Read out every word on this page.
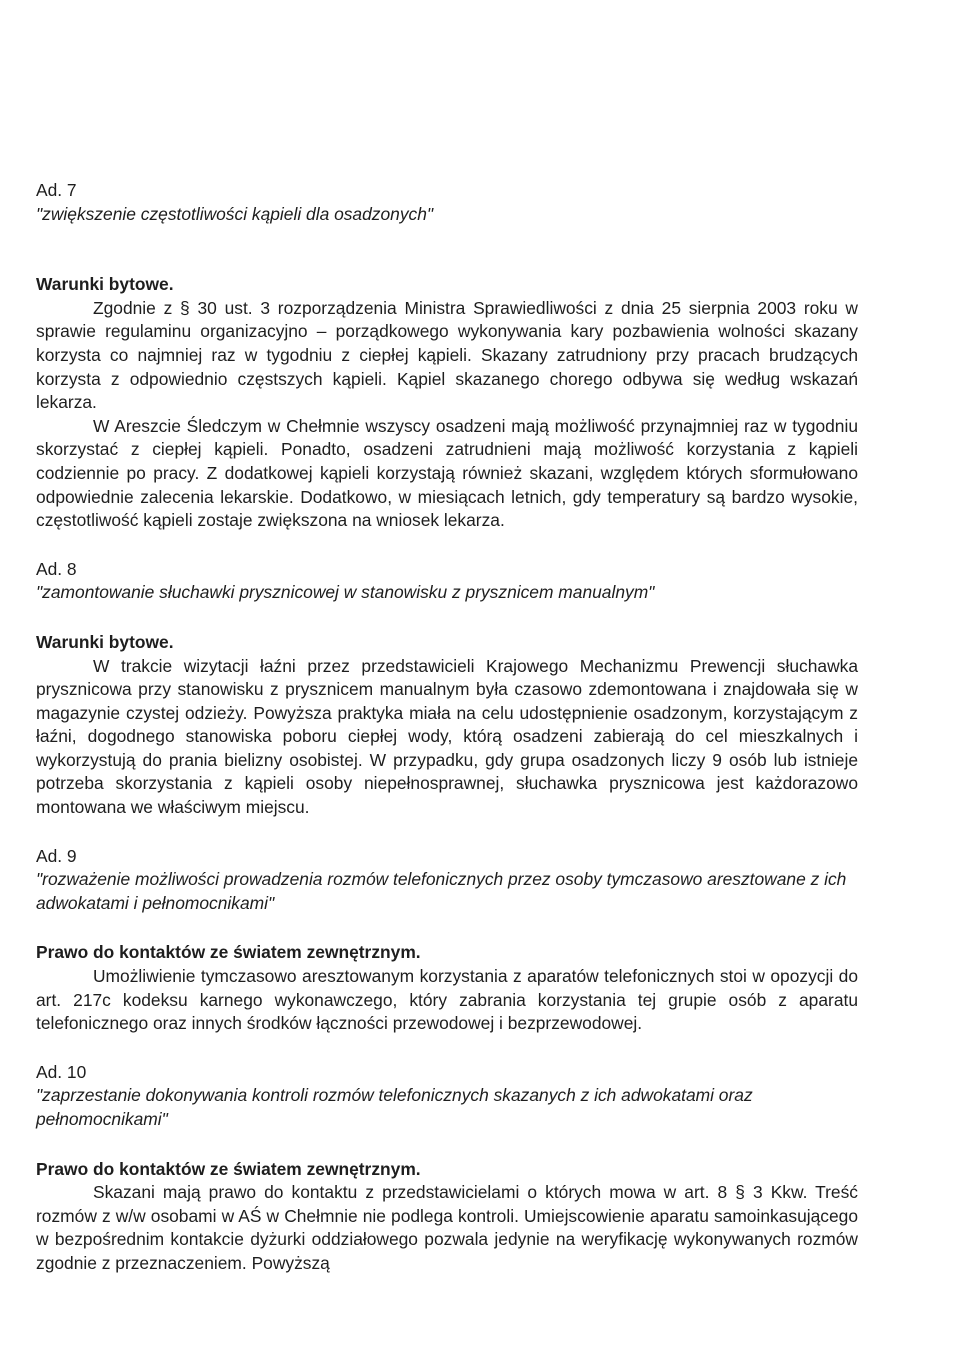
Ad. 7

"zwiększenie częstotliwości kąpieli dla osadzonych"

Warunki bytowe.

Zgodnie z § 30 ust. 3 rozporządzenia Ministra Sprawiedliwości z dnia 25 sierpnia 2003 roku w sprawie regulaminu organizacyjno – porządkowego wykonywania kary pozbawienia wolności skazany korzysta co najmniej raz w tygodniu z ciepłej kąpieli. Skazany zatrudniony przy pracach brudzących korzysta z odpowiednio częstszych kąpieli. Kąpiel skazanego chorego odbywa się według wskazań lekarza.

W Areszcie Śledczym w Chełmnie wszyscy osadzeni mają możliwość przynajmniej raz w tygodniu skorzystać z ciepłej kąpieli. Ponadto, osadzeni zatrudnieni mają możliwość korzystania z kąpieli codziennie po pracy. Z dodatkowej kąpieli korzystają również skazani, względem których sformułowano odpowiednie zalecenia lekarskie. Dodatkowo, w miesiącach letnich, gdy temperatury są bardzo wysokie, częstotliwość kąpieli zostaje zwiększona na wniosek lekarza.

Ad. 8

"zamontowanie słuchawki prysznicowej w stanowisku z prysznicem manualnym"

Warunki bytowe.

W trakcie wizytacji łaźni przez przedstawicieli Krajowego Mechanizmu Prewencji słuchawka prysznicowa przy stanowisku z prysznicem manualnym była czasowo zdemontowana i znajdowała się w magazynie czystej odzieży. Powyższa praktyka miała na celu udostępnienie osadzonym, korzystającym z łaźni, dogodnego stanowiska poboru ciepłej wody, którą osadzeni zabierają do cel mieszkalnych i wykorzystują do prania bielizny osobistej. W przypadku, gdy grupa osadzonych liczy 9 osób lub istnieje potrzeba skorzystania z kąpieli osoby niepełnosprawnej, słuchawka prysznicowa jest każdorazowo montowana we właściwym miejscu.

Ad. 9

"rozważenie możliwości prowadzenia rozmów telefonicznych przez osoby tymczasowo aresztowane z ich adwokatami i pełnomocnikami"

Prawo do kontaktów ze światem zewnętrznym.

Umożliwienie tymczasowo aresztowanym korzystania z aparatów telefonicznych stoi w opozycji do art. 217c kodeksu karnego wykonawczego, który zabrania korzystania tej grupie osób z aparatu telefonicznego oraz innych środków łączności przewodowej i bezprzewodowej.

Ad. 10

"zaprzestanie dokonywania kontroli rozmów telefonicznych skazanych z ich adwokatami oraz pełnomocnikami"

Prawo do kontaktów ze światem zewnętrznym.

Skazani mają prawo do kontaktu z przedstawicielami o których mowa w art. 8 § 3 Kkw. Treść rozmów z w/w osobami w AŚ w Chełmnie nie podlega kontroli. Umiejscowienie aparatu samoinkasującego w bezpośrednim kontakcie dyżurki oddziałowego pozwala jedynie na weryfikację wykonywanych rozmów zgodnie z przeznaczeniem. Powyższą
